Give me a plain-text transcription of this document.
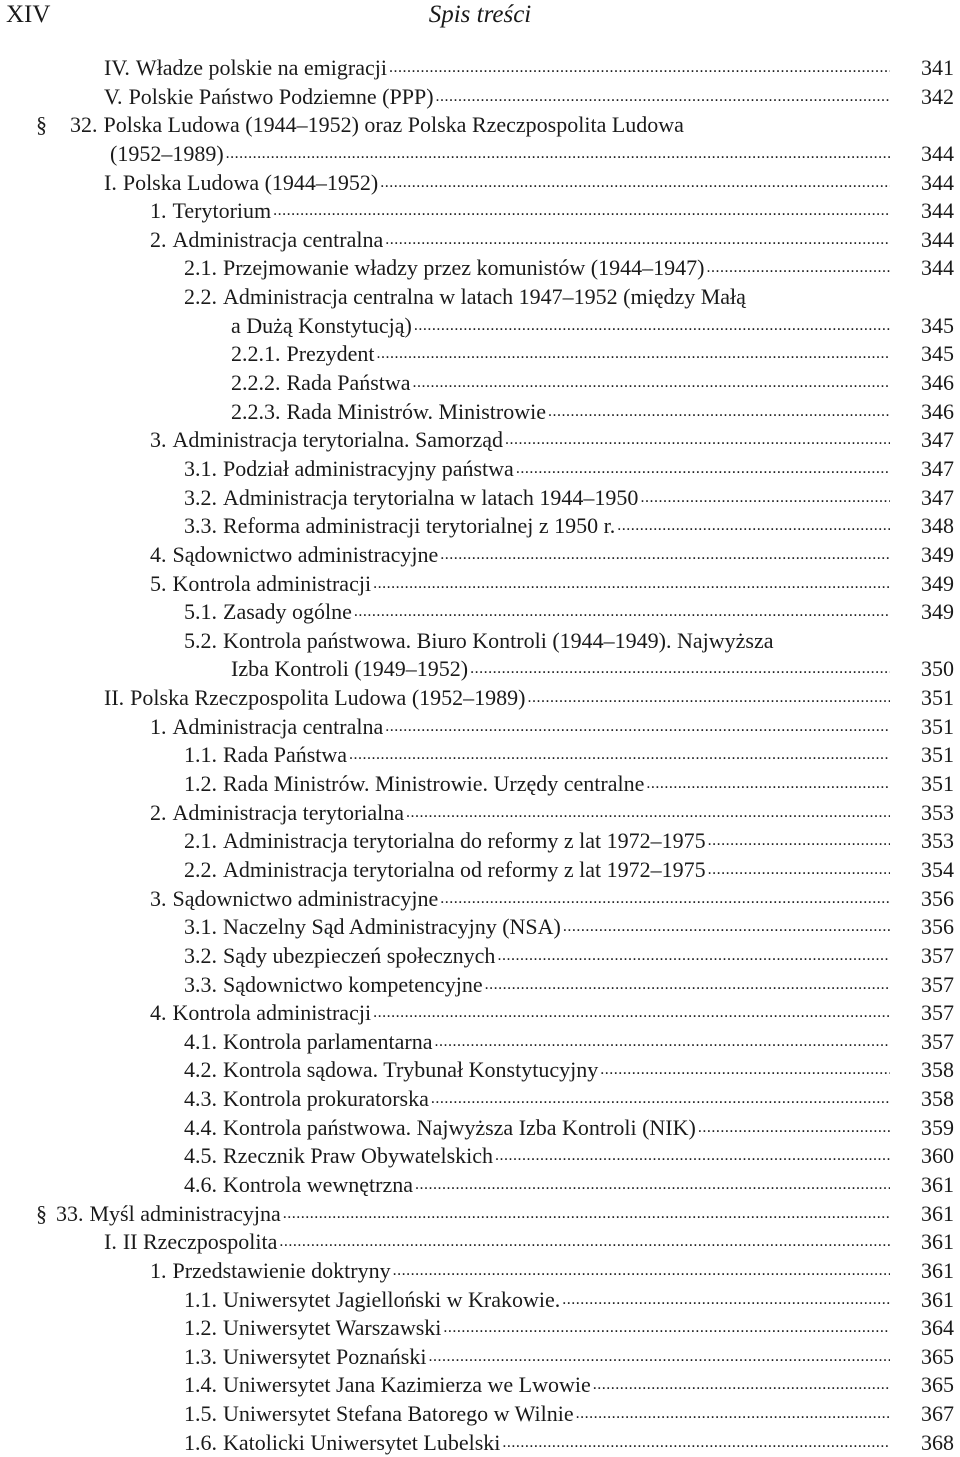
XIV	Spis treści
IV. Władze polskie na emigracji .....	341
V. Polskie Państwo Podziemne (PPP) .....	342
§ 32. Polska Ludowa (1944–1952) oraz Polska Rzeczpospolita Ludowa
(1952–1989) .....	344
I. Polska Ludowa (1944–1952) .....	344
1. Terytorium .....	344
2. Administracja centralna .....	344
2.1. Przejmowanie władzy przez komunistów (1944–1947) .....	344
2.2. Administracja centralna w latach 1947–1952 (między Małą
a Dużą Konstytucją) .....	345
2.2.1. Prezydent .....	345
2.2.2. Rada Państwa .....	346
2.2.3. Rada Ministrów. Ministrowie .....	346
3. Administracja terytorialna. Samorząd .....	347
3.1. Podział administracyjny państwa .....	347
3.2. Administracja terytorialna w latach 1944–1950 .....	347
3.3. Reforma administracji terytorialnej z 1950 r. .....	348
4. Sądownictwo administracyjne .....	349
5. Kontrola administracji .....	349
5.1. Zasady ogólne .....	349
5.2. Kontrola państwowa. Biuro Kontroli (1944–1949). Najwyższa
Izba Kontroli (1949–1952) .....	350
II. Polska Rzeczpospolita Ludowa (1952–1989) .....	351
1. Administracja centralna .....	351
1.1. Rada Państwa .....	351
1.2. Rada Ministrów. Ministrowie. Urzędy centralne .....	351
2. Administracja terytorialna .....	353
2.1. Administracja terytorialna do reformy z lat 1972–1975 .....	353
2.2. Administracja terytorialna od reformy z lat 1972–1975 .....	354
3. Sądownictwo administracyjne .....	356
3.1. Naczelny Sąd Administracyjny (NSA) .....	356
3.2. Sądy ubezpieczeń społecznych .....	357
3.3. Sądownictwo kompetencyjne .....	357
4. Kontrola administracji .....	357
4.1. Kontrola parlamentarna .....	357
4.2. Kontrola sądowa. Trybunał Konstytucyjny .....	358
4.3. Kontrola prokuratorska .....	358
4.4. Kontrola państwowa. Najwyższa Izba Kontroli (NIK) .....	359
4.5. Rzecznik Praw Obywatelskich .....	360
4.6. Kontrola wewnętrzna .....	361
§ 33. Myśl administracyjna .....	361
I. II Rzeczpospolita .....	361
1. Przedstawienie doktryny .....	361
1.1. Uniwersytet Jagielloński w Krakowie. .....	361
1.2. Uniwersytet Warszawski .....	364
1.3. Uniwersytet Poznański .....	365
1.4. Uniwersytet Jana Kazimierza we Lwowie .....	365
1.5. Uniwersytet Stefana Batorego w Wilnie .....	367
1.6. Katolicki Uniwersytet Lubelski .....	368
